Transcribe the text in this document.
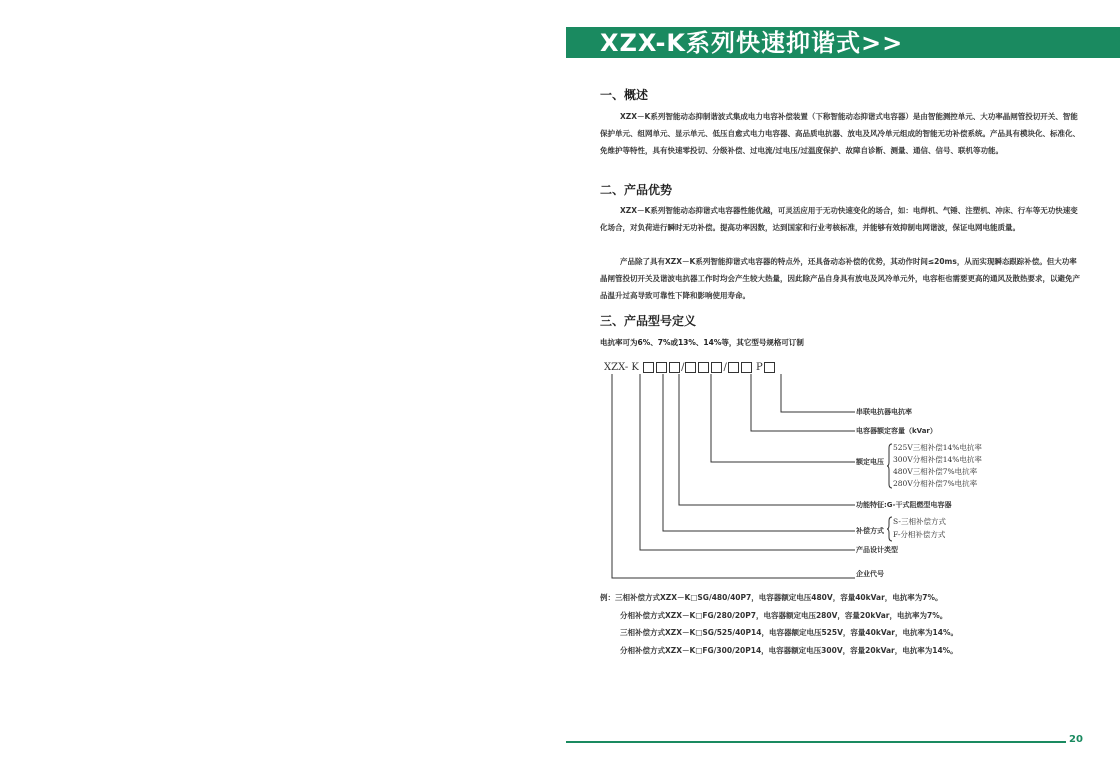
XZX-K系列快速抑谐式>>
一、概述
XZX－K系列智能动态抑制谐波式集成电力电容补偿装置（下称智能动态抑谐式电容器）是由智能测控单元、大功率晶闸管投切开关、智能保护单元、组网单元、显示单元、低压自愈式电力电容器、高品质电抗器、放电及风冷单元组成的智能无功补偿系统。产品具有模块化、标准化、免维护等特性，具有快速零投切、分级补偿、过电流/过电压/过温度保护、故障自诊断、测量、通信、信号、联机等功能。
二、产品优势
XZX－K系列智能动态抑谐式电容器性能优越，可灵活应用于无功快速变化的场合，如：电焊机、气锤、注塑机、冲床、行车等无功快速变化场合，对负荷进行瞬时无功补偿。提高功率因数，达到国家和行业考核标准，并能够有效抑制电网谐波，保证电网电能质量。
产品除了具有XZX－K系列智能抑谐式电容器的特点外，还具备动态补偿的优势，其动作时间≤20ms，从而实现瞬态跟踪补偿。但大功率晶闸管投切开关及谐波电抗器工作时均会产生较大热量，因此除产品自身具有放电及风冷单元外，电容柜也需要更高的通风及散热要求，以避免产品温升过高导致可靠性下降和影响使用寿命。
三、产品型号定义
电抗率可为6%、7%或13%、14%等，其它型号规格可订制
XZX- K	/	/	P
串联电抗器电抗率
电容器额定容量（kVar）
额定电压
525V三相补偿14%电抗率
300V分相补偿14%电抗率
480V三相补偿7%电抗率
280V分相补偿7%电抗率
功能特征:G-干式阻燃型电容器
补偿方式
S-三相补偿方式
F-分相补偿方式
产品设计类型
企业代号
例：三相补偿方式XZX－K□SG/480/40P7，电容器额定电压480V，容量40kVar，电抗率为7%。
分相补偿方式XZX－K□FG/280/20P7，电容器额定电压280V，容量20kVar，电抗率为7%。
三相补偿方式XZX－K□SG/525/40P14，电容器额定电压525V，容量40kVar，电抗率为14%。
分相补偿方式XZX－K□FG/300/20P14，电容器额定电压300V，容量20kVar，电抗率为14%。
20
